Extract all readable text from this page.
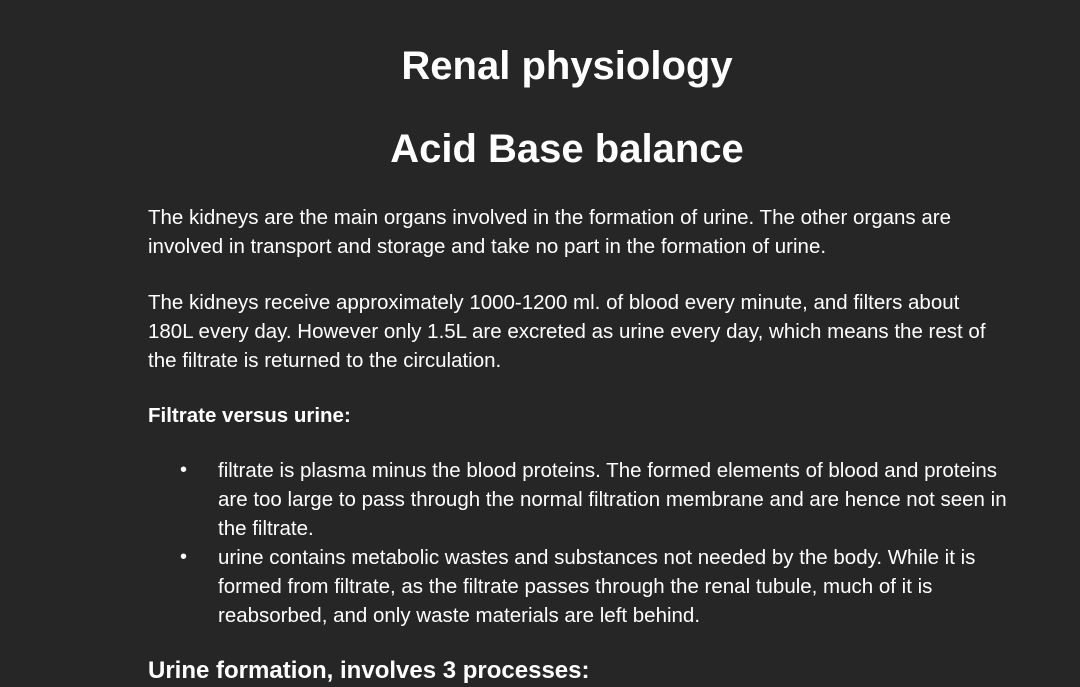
Renal physiology
Acid Base balance

The kidneys are the main organs involved in the formation of urine. The other organs are involved in transport and storage and take no part in the formation of urine.

The kidneys receive approximately 1000-1200 ml. of blood every minute, and filters about 180L every day. However only 1.5L are excreted as urine every day, which means the rest of the filtrate is returned to the circulation.

Filtrate versus urine:

• filtrate is plasma minus the blood proteins. The formed elements of blood and proteins are too large to pass through the normal filtration membrane and are hence not seen in the filtrate.
• urine contains metabolic wastes and substances not needed by the body. While it is formed from filtrate, as the filtrate passes through the renal tubule, much of it is reabsorbed, and only waste materials are left behind.

Urine formation, involves 3 processes:
